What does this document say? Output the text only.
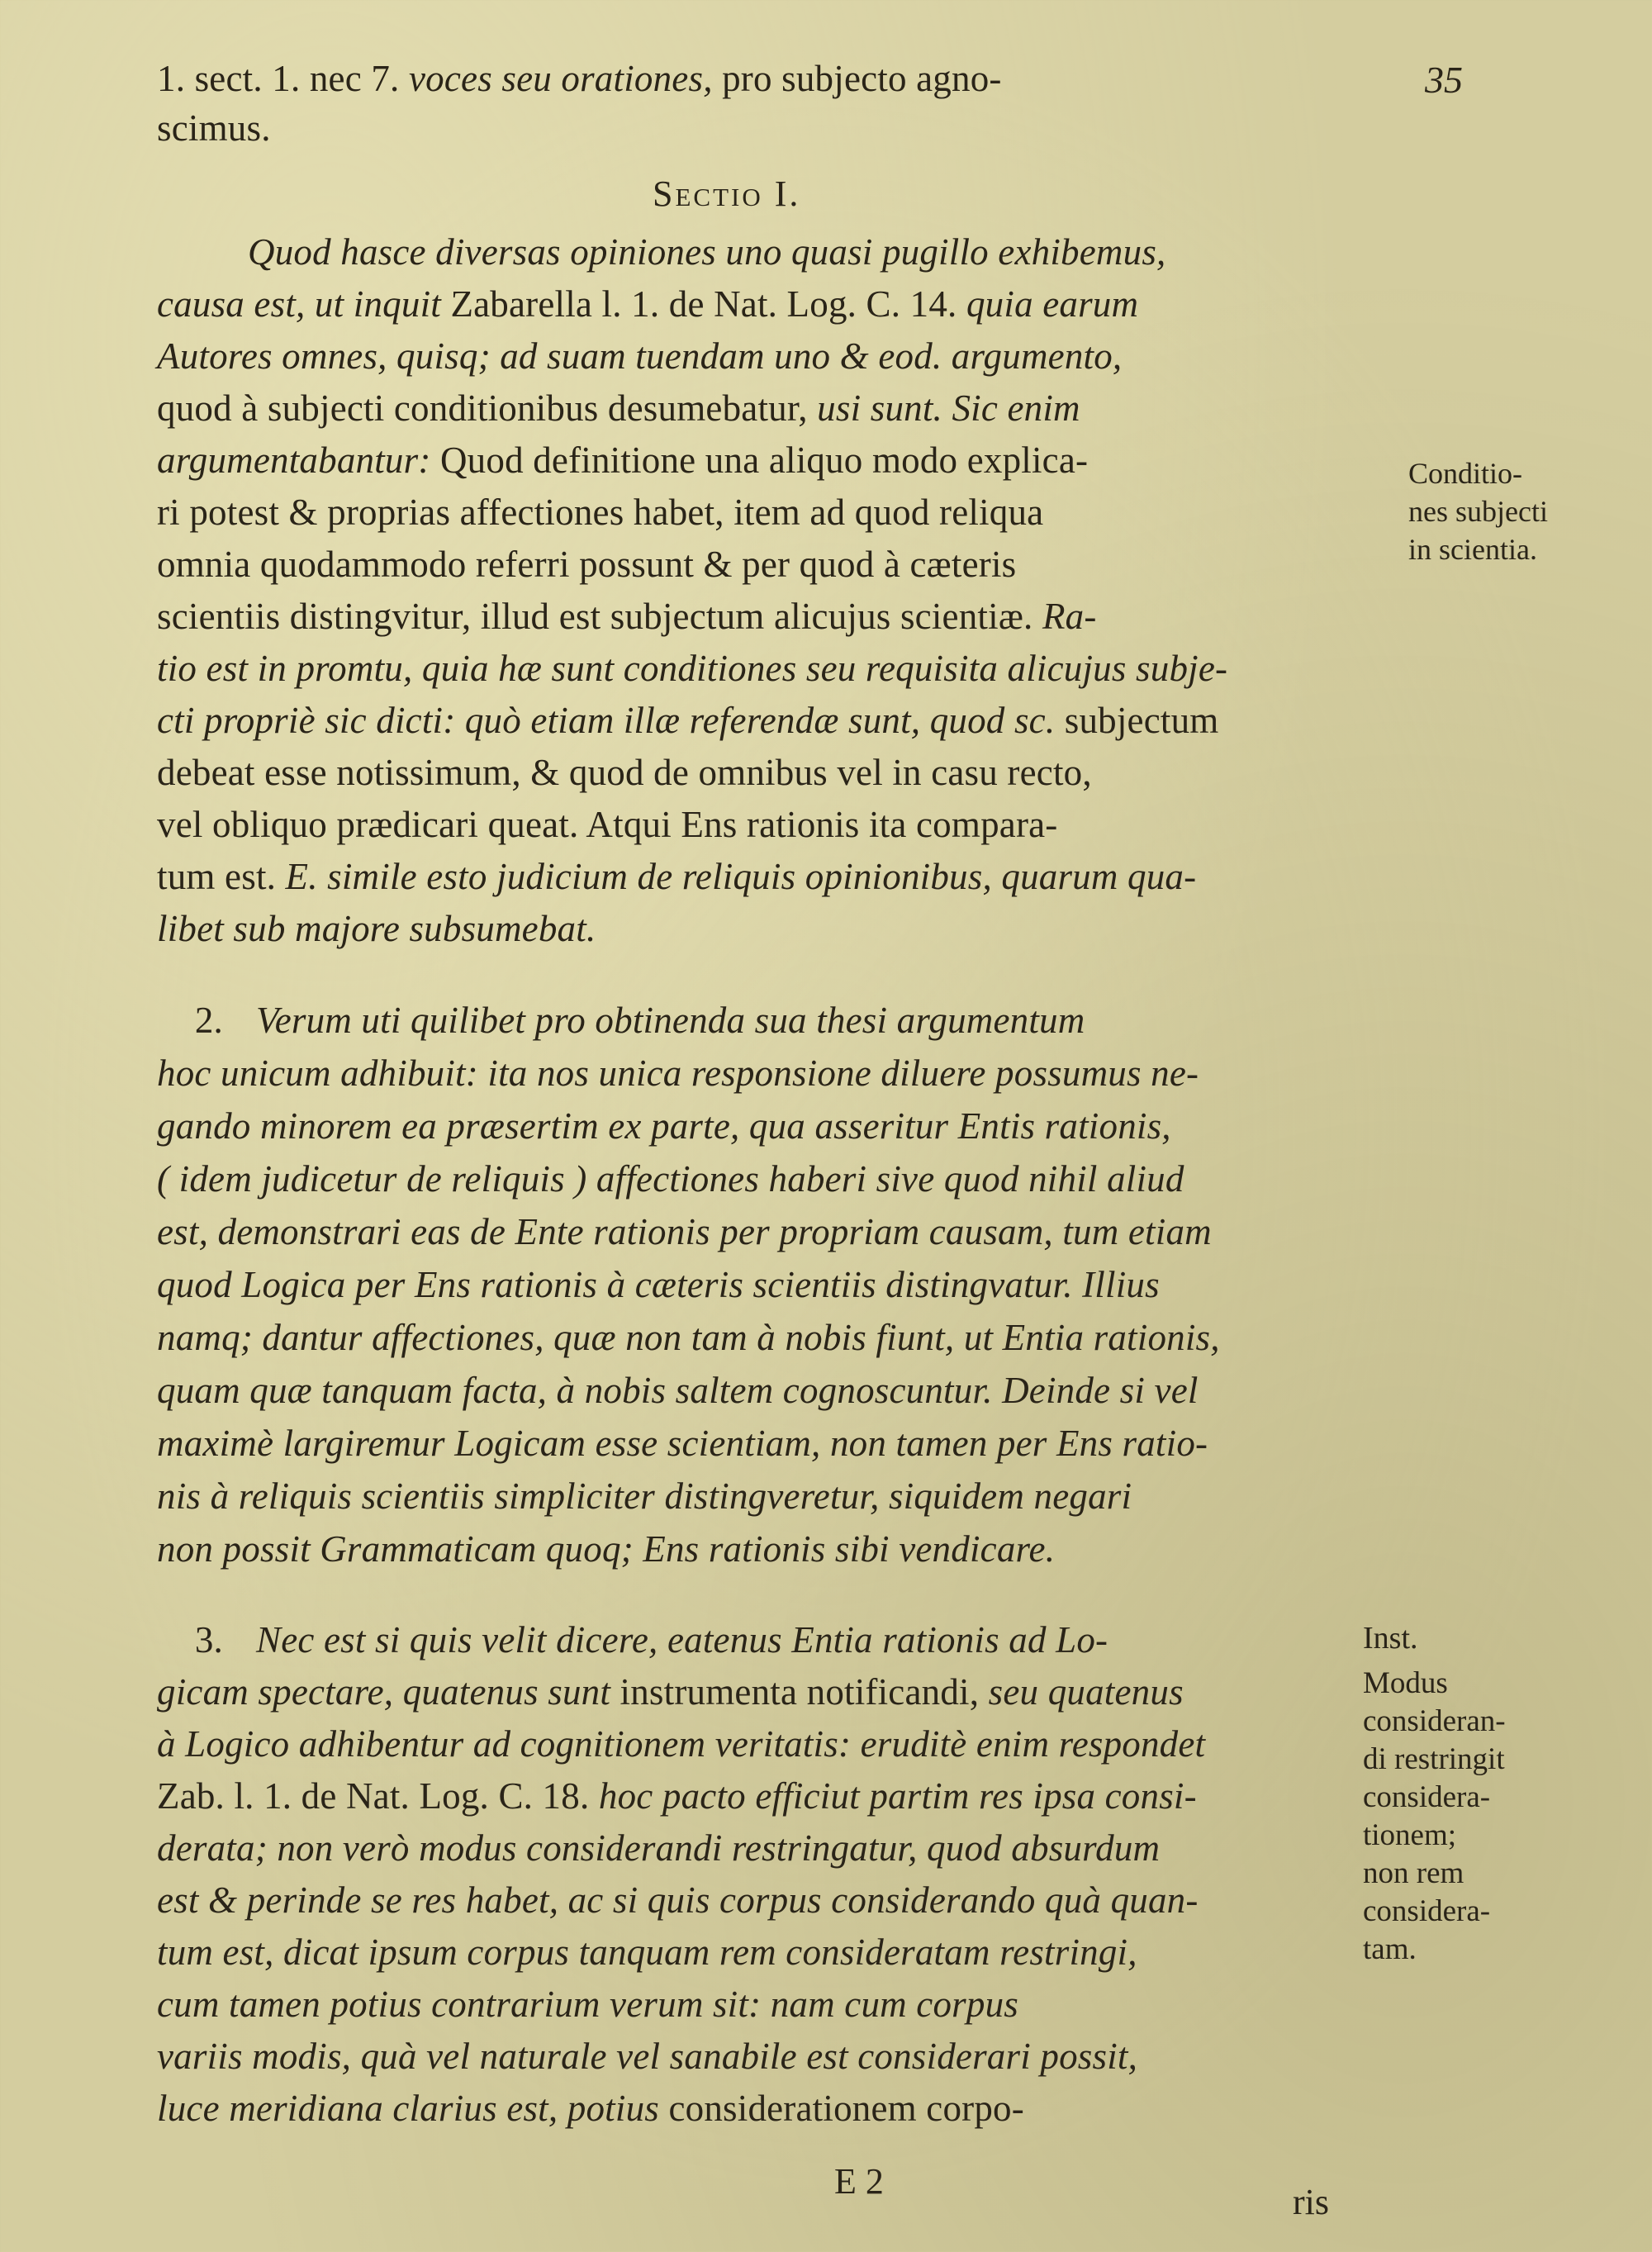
35
1. sect. 1. nec 7. voces seu orationes, pro subjecto agno-
scimus.
Sectio I.
Quod hasce diversas opiniones uno quasi pugillo exhibemus,
causa est, ut inquit Zabarella l. 1. de Nat. Log. C. 14. quia earum
Autores omnes, quisq; ad suam tuendam uno & eod. argumento,
quod à subjecti conditionibus desumebatur, usi sunt. Sic enim
argumentabantur: Quod definitione una aliquo modo explica-
ri potest & proprias affectiones habet, item ad quod reliqua
omnia quodammodo referri possunt & per quod à cæteris
scientiis distingvitur, illud est subjectum alicujus scientiæ. Ra-
tio est in promtu, quia hæ sunt conditiones seu requisita alicujus subje-
cti propriè sic dicti: quò etiam illæ referendæ sunt, quod sc. subjectum
debeat esse notissimum, & quod de omnibus vel in casu recto,
vel obliquo prædicari queat. Atqui Ens rationis ita compara-
tum est. E. simile esto judicium de reliquis opinionibus, quarum qua-
libet sub majore subsumebat.
2. Verum uti quilibet pro obtinenda sua thesi argumentum
hoc unicum adhibuit: ita nos unica responsione diluere possumus ne-
gando minorem ea præsertim ex parte, qua asseritur Entis rationis,
( idem judicetur de reliquis ) affectiones haberi sive quod nihil aliud
est, demonstrari eas de Ente rationis per propriam causam, tum etiam
quod Logica per Ens rationis à cæteris scientiis distingvatur. Illius
namq; dantur affectiones, quæ non tam à nobis fiunt, ut Entia rationis,
quam quæ tanquam facta, à nobis saltem cognoscuntur. Deinde si vel
maximè largiremur Logicam esse scientiam, non tamen per Ens ratio-
nis à reliquis scientiis simpliciter distingveretur, siquidem negari
non possit Grammaticam quoq; Ens rationis sibi vendicare.
3. Nec est si quis velit dicere, eatenus Entia rationis ad Lo-
gicam spectare, quatenus sunt instrumenta notificandi, seu quatenus
à Logico adhibentur ad cognitionem veritatis: eruditè enim respondet
Zab. l. 1. de Nat. Log. C. 18. hoc pacto efficiut partim res ipsa consi-
derata; non verò modus considerandi restringatur, quod absurdum
est & perinde se res habet, ac si quis corpus considerando quà quan-
tum est, dicat ipsum corpus tanquam rem consideratam restringi,
cum tamen potius contrarium verum sit: nam cum corpus
variis modis, quà vel naturale vel sanabile est considerari possit,
luce meridiana clarius est, potius considerationem corpo-
Conditio-
nes subjecti
in scientia.
Inst.
Modus
consideran-
di restringit
considera-
tionem;
non rem
considera-
tam.
E 2
ris
